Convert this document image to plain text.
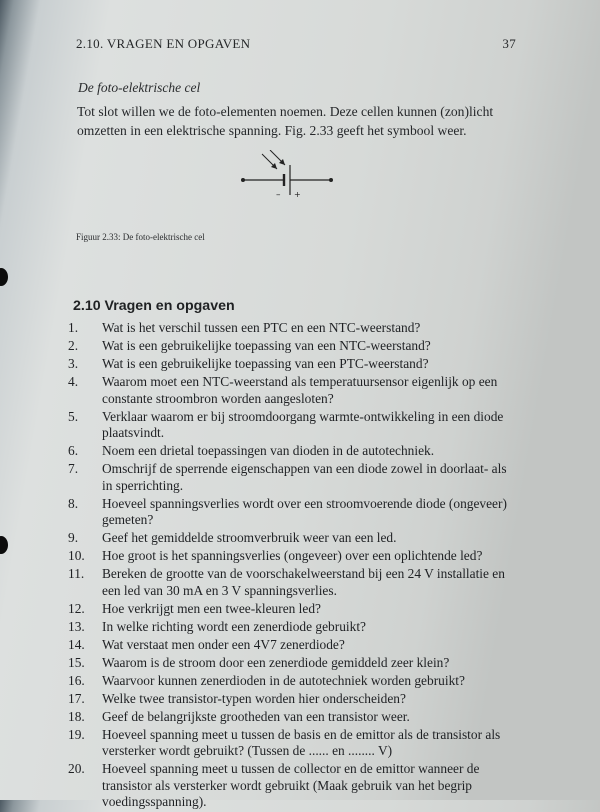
2.10. VRAGEN EN OPGAVEN	37
De foto-elektrische cel
Tot slot willen we de foto-elementen noemen. Deze cellen kunnen (zon)licht omzetten in een elektrische spanning. Fig. 2.33 geeft het symbool weer.
– +
Figuur 2.33: De foto-elektrische cel
2.10 Vragen en opgaven
1.	Wat is het verschil tussen een PTC en een NTC-weerstand?
2.	Wat is een gebruikelijke toepassing van een NTC-weerstand?
3.	Wat is een gebruikelijke toepassing van een PTC-weerstand?
4.	Waarom moet een NTC-weerstand als temperatuursensor eigenlijk op een constante stroombron worden aangesloten?
5.	Verklaar waarom er bij stroomdoorgang warmte-ontwikkeling in een diode plaatsvindt.
6.	Noem een drietal toepassingen van dioden in de autotechniek.
7.	Omschrijf de sperrende eigenschappen van een diode zowel in doorlaat- als in sperrichting.
8.	Hoeveel spanningsverlies wordt over een stroomvoerende diode (ongeveer) gemeten?
9.	Geef het gemiddelde stroomverbruik weer van een led.
10.	Hoe groot is het spanningsverlies (ongeveer) over een oplichtende led?
11.	Bereken de grootte van de voorschakelweerstand bij een 24 V installatie en een led van 30 mA en 3 V spanningsverlies.
12.	Hoe verkrijgt men een twee-kleuren led?
13.	In welke richting wordt een zenerdiode gebruikt?
14.	Wat verstaat men onder een 4V7 zenerdiode?
15.	Waarom is de stroom door een zenerdiode gemiddeld zeer klein?
16.	Waarvoor kunnen zenerdioden in de autotechniek worden gebruikt?
17.	Welke twee transistor-typen worden hier onderscheiden?
18.	Geef de belangrijkste grootheden van een transistor weer.
19.	Hoeveel spanning meet u tussen de basis en de emittor als de transistor als versterker wordt gebruikt? (Tussen de ...... en ........ V)
20.	Hoeveel spanning meet u tussen de collector en de emittor wanneer de transistor als versterker wordt gebruikt (Maak gebruik van het begrip voedingsspanning).
